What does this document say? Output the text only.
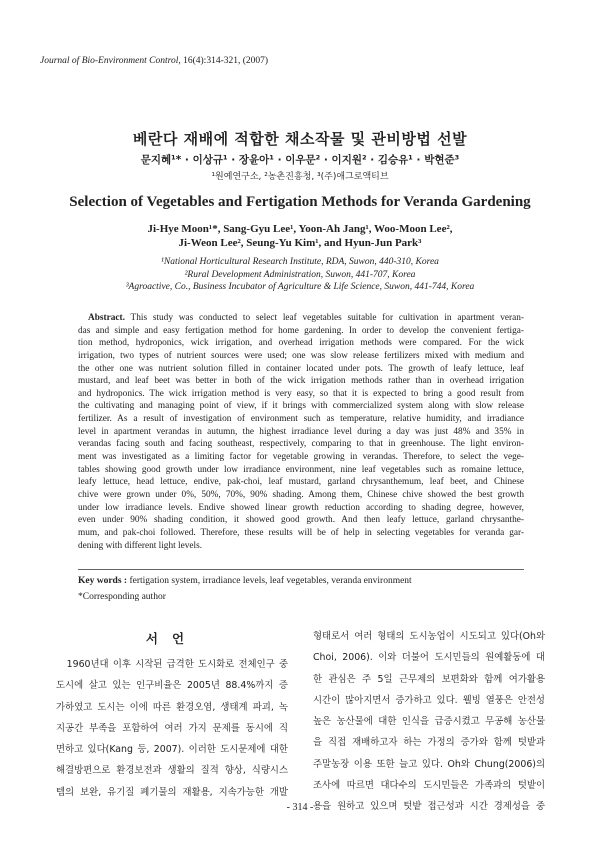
Journal of Bio-Environment Control, 16(4):314-321, (2007)
베란다 재배에 적합한 채소작물 및 관비방법 선발
문지혜¹* · 이상규¹ · 장윤아¹ · 이우문² · 이지원² · 김승유¹ · 박현준³
¹원예연구소, ²농촌진흥청, ³(주)애그로액티브
Selection of Vegetables and Fertigation Methods for Veranda Gardening
Ji-Hye Moon¹*, Sang-Gyu Lee¹, Yoon-Ah Jang¹, Woo-Moon Lee²,
Ji-Weon Lee², Seung-Yu Kim¹, and Hyun-Jun Park³
¹National Horticultural Research Institute, RDA, Suwon, 440-310, Korea
²Rural Development Administration, Suwon, 441-707, Korea
³Agroactive, Co., Business Incubator of Agriculture & Life Science, Suwon, 441-744, Korea
Abstract. This study was conducted to select leaf vegetables suitable for cultivation in apartment veran-
das and simple and easy fertigation method for home gardening. In order to develop the convenient fertiga-
tion method, hydroponics, wick irrigation, and overhead irrigation methods were compared. For the wick
irrigation, two types of nutrient sources were used; one was slow release fertilizers mixed with medium and
the other one was nutrient solution filled in container located under pots. The growth of leafy lettuce, leaf
mustard, and leaf beet was better in both of the wick irrigation methods rather than in overhead irrigation
and hydroponics. The wick irrigation method is very easy, so that it is expected to bring a good result from
the cultivating and managing point of view, if it brings with commercialized system along with slow release
fertilizer. As a result of investigation of environment such as temperature, relative humidity, and irradiance
level in apartment verandas in autumn, the highest irradiance level during a day was just 48% and 35% in
verandas facing south and facing southeast, respectively, comparing to that in greenhouse. The light environ-
ment was investigated as a limiting factor for vegetable growing in verandas. Therefore, to select the vege-
tables showing good growth under low irradiance environment, nine leaf vegetables such as romaine lettuce,
leafy lettuce, head lettuce, endive, pak-choi, leaf mustard, garland chrysanthemum, leaf beet, and Chinese
chive were grown under 0%, 50%, 70%, 90% shading. Among them, Chinese chive showed the best growth
under low irradiance levels. Endive showed linear growth reduction according to shading degree, however,
even under 90% shading condition, it showed good growth. And then leafy lettuce, garland chrysanthe-
mum, and pak-choi followed. Therefore, these results will be of help in selecting vegetables for veranda gar-
dening with different light levels.
Key words : fertigation system, irradiance levels, leaf vegetables, veranda environment
*Corresponding author
서언
　1960년대 이후 시작된 급격한 도시화로 전체인구 중
도시에 살고 있는 인구비율은 2005년 88.4%까지 증
가하였고 도시는 이에 따른 환경오염, 생태계 파괴, 녹
지공간 부족을 포함하여 여러 가지 문제를 동시에 직
면하고 있다(Kang 등, 2007). 이러한 도시문제에 대한
해결방편으로 환경보전과 생활의 질적 향상, 식량시스
템의 보완, 유기질 폐기물의 재활용, 지속가능한 개발
형태로서 여러 형태의 도시농업이 시도되고 있다(Oh와
Choi, 2006). 이와 더불어 도시민들의 원예활동에 대
한 관심은 주 5일 근무제의 보편화와 함께 여가활용
시간이 많아지면서 증가하고 있다. 웰빙 열풍은 안전성
높은 농산물에 대한 인식을 급증시켰고 무공해 농산물
을 직접 재배하고자 하는 가정의 증가와 함께 텃밭과
주말농장 이용 또한 늘고 있다. Oh와 Chung(2006)의
조사에 따르면 대다수의 도시민들은 가족과의 텃밭이
용을 원하고 있으며 텃밭 접근성과 시간 경제성을 중
- 314 -
